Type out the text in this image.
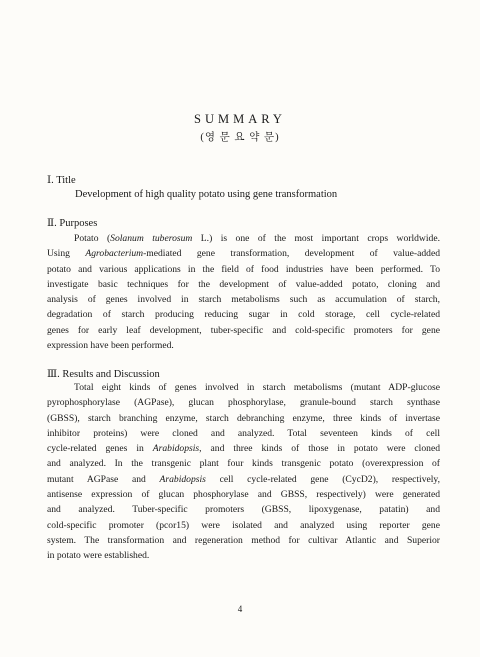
SUMMARY
(영 문 요 약 문)
Ⅰ. Title
Development of high quality potato using gene transformation
Ⅱ. Purposes
Potato (Solanum tuberosum L.) is one of the most important crops worldwide.
Using Agrobacterium-mediated gene transformation, development of value-added
potato and various applications in the field of food industries have been performed. To
investigate basic techniques for the development of value-added potato, cloning and
analysis of genes involved in starch metabolisms such as accumulation of starch,
degradation of starch producing reducing sugar in cold storage, cell cycle-related
genes for early leaf development, tuber-specific and cold-specific promoters for gene
expression have been performed.
Ⅲ. Results and Discussion
Total eight kinds of genes involved in starch metabolisms (mutant ADP-glucose
pyrophosphorylase (AGPase), glucan phosphorylase, granule-bound starch synthase
(GBSS), starch branching enzyme, starch debranching enzyme, three kinds of invertase
inhibitor proteins) were cloned and analyzed. Total seventeen kinds of cell
cycle-related genes in Arabidopsis, and three kinds of those in potato were cloned
and analyzed. In the transgenic plant four kinds transgenic potato (overexpression of
mutant AGPase and Arabidopsis cell cycle-related gene (CycD2), respectively,
antisense expression of glucan phosphorylase and GBSS, respectively) were generated
and analyzed. Tuber-specific promoters (GBSS, lipoxygenase, patatin) and
cold-specific promoter (pcor15) were isolated and analyzed using reporter gene
system. The transformation and regeneration method for cultivar Atlantic and Superior
in potato were established.
4
